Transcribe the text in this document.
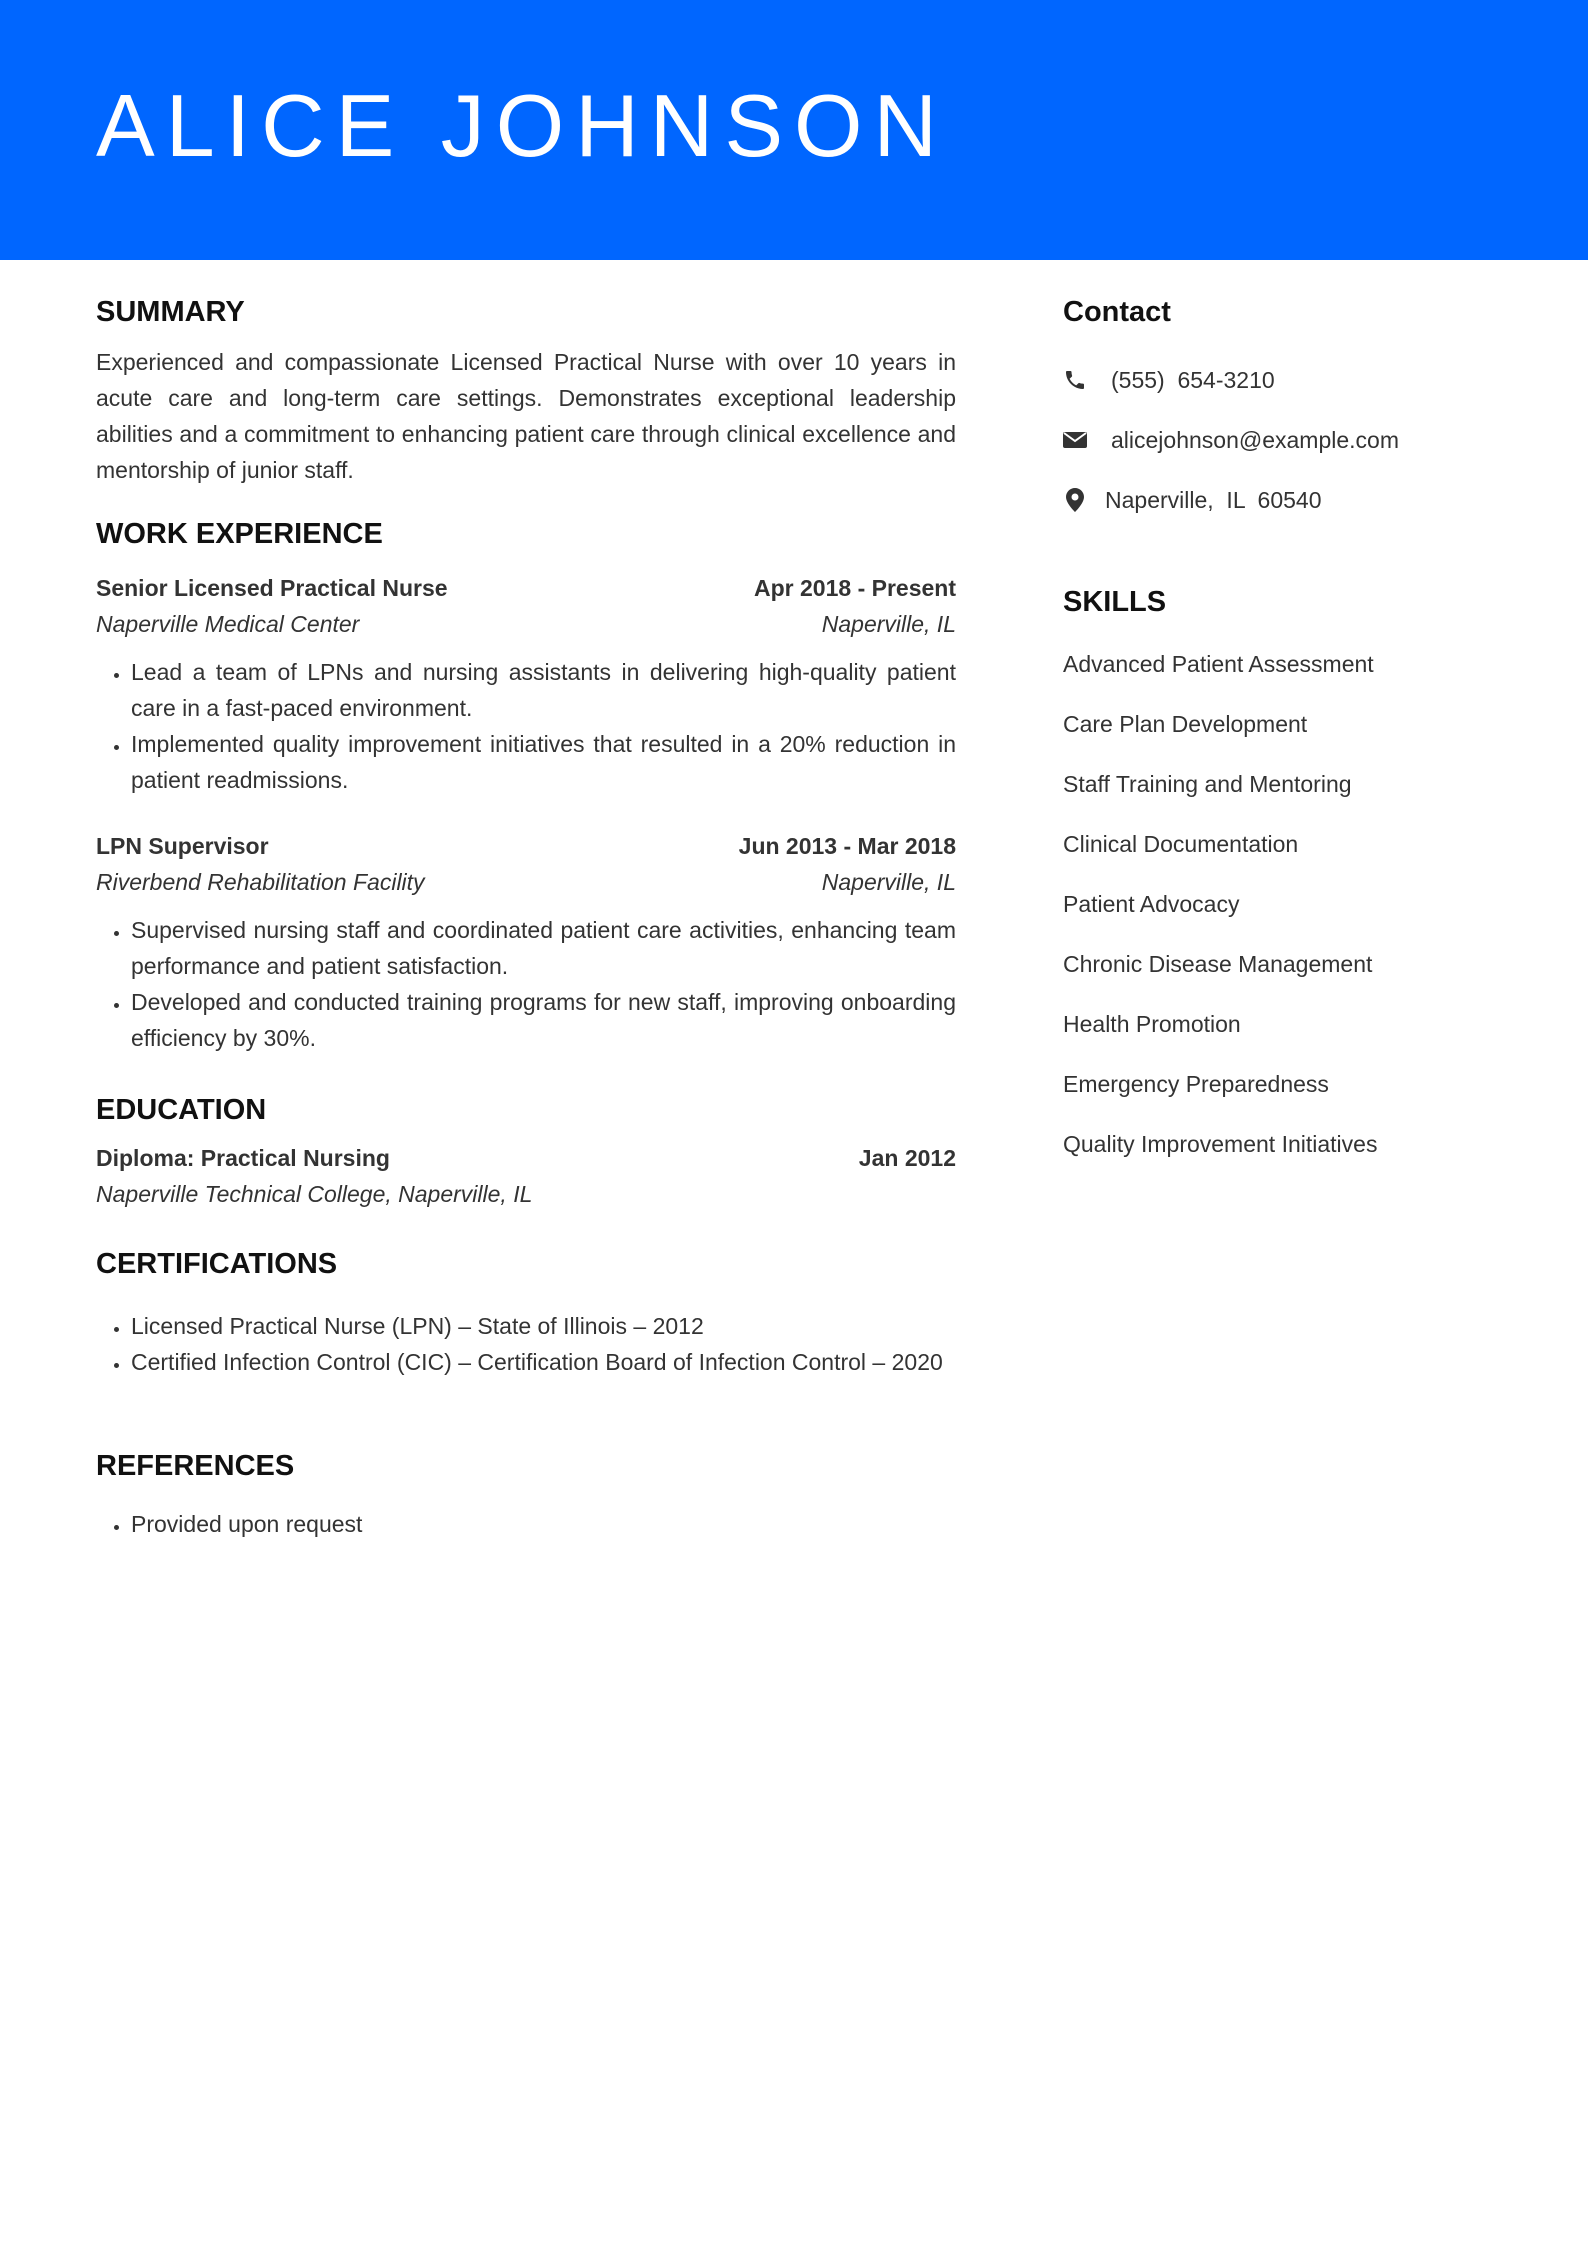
ALICE JOHNSON
SUMMARY

Experienced and compassionate Licensed Practical Nurse with over 10 years in acute care and long-term care settings. Demonstrates exceptional leadership abilities and a commitment to enhancing patient care through clinical excellence and mentorship of junior staff.

WORK EXPERIENCE
Senior Licensed Practical Nurse	Apr 2018 - Present
Naperville Medical Center	Naperville, IL
• Lead a team of LPNs and nursing assistants in delivering high-quality patient care in a fast-paced environment.
• Implemented quality improvement initiatives that resulted in a 20% reduction in patient readmissions.
LPN Supervisor	Jun 2013 - Mar 2018
Riverbend Rehabilitation Facility	Naperville, IL
• Supervised nursing staff and coordinated patient care activities, enhancing team performance and patient satisfaction.
• Developed and conducted training programs for new staff, improving onboarding efficiency by 30%.
EDUCATION
Diploma: Practical Nursing	Jan 2012
Naperville Technical College, Naperville, IL
CERTIFICATIONS
• Licensed Practical Nurse (LPN) – State of Illinois – 2012
• Certified Infection Control (CIC) – Certification Board of Infection Control – 2020
REFERENCES
• Provided upon request
Contact
(555)  654-3210
alicejohnson@example.com
Naperville,  IL  60540
SKILLS
Advanced Patient Assessment
Care Plan Development
Staff Training and Mentoring
Clinical Documentation
Patient Advocacy
Chronic Disease Management
Health Promotion
Emergency Preparedness
Quality Improvement Initiatives
